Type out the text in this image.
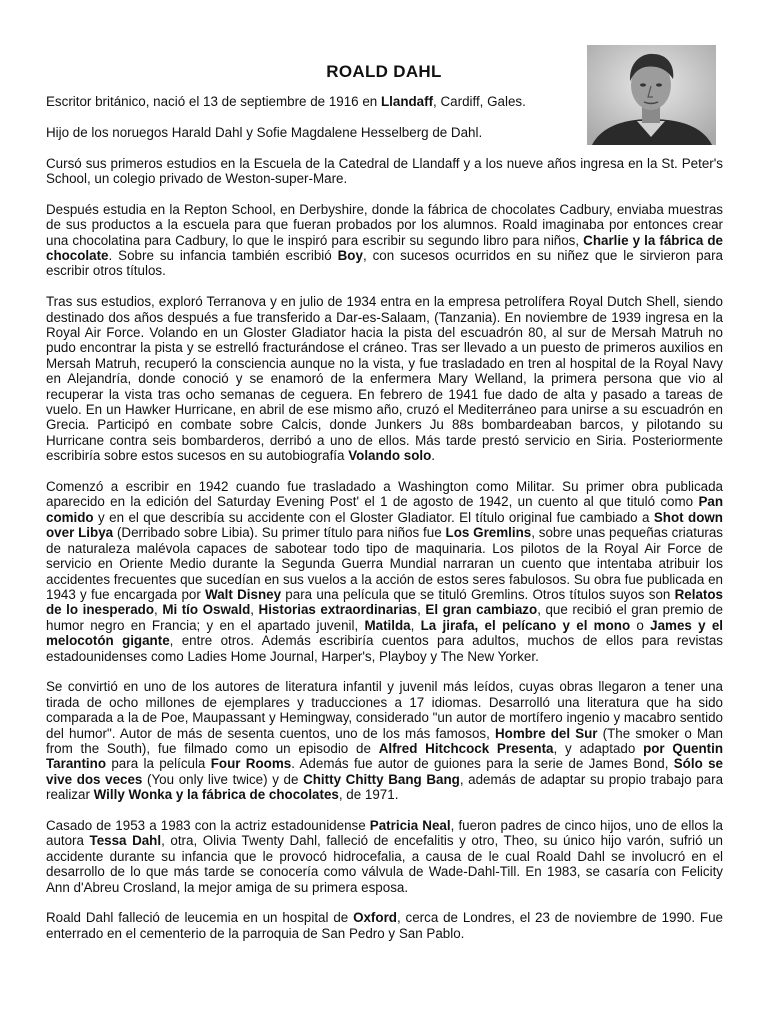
ROALD DAHL

Escritor británico, nació el 13 de septiembre de 1916 en Llandaff, Cardiff, Gales.

Hijo de los noruegos Harald Dahl y Sofie Magdalene Hesselberg de Dahl.

Cursó sus primeros estudios en la Escuela de la Catedral de Llandaff y a los nueve años ingresa en la St. Peter's School, un colegio privado de Weston-super-Mare.

Después estudia en la Repton School, en Derbyshire, donde la fábrica de chocolates Cadbury, enviaba muestras de sus productos a la escuela para que fueran probados por los alumnos. Roald imaginaba por entonces crear una chocolatina para Cadbury, lo que le inspiró para escribir su segundo libro para niños, Charlie y la fábrica de chocolate. Sobre su infancia también escribió Boy, con sucesos ocurridos en su niñez que le sirvieron para escribir otros títulos.

Tras sus estudios, exploró Terranova y en julio de 1934 entra en la empresa petrolífera Royal Dutch Shell, siendo destinado dos años después a fue transferido a Dar-es-Salaam, (Tanzania). En noviembre de 1939 ingresa en la Royal Air Force. Volando en un Gloster Gladiator hacia la pista del escuadrón 80, al sur de Mersah Matruh no pudo encontrar la pista y se estrelló fracturándose el cráneo. Tras ser llevado a un puesto de primeros auxilios en Mersah Matruh, recuperó la consciencia aunque no la vista, y fue trasladado en tren al hospital de la Royal Navy en Alejandría, donde conoció y se enamoró de la enfermera Mary Welland, la primera persona que vio al recuperar la vista tras ocho semanas de ceguera. En febrero de 1941 fue dado de alta y pasado a tareas de vuelo. En un Hawker Hurricane, en abril de ese mismo año, cruzó el Mediterráneo para unirse a su escuadrón en Grecia. Participó en combate sobre Calcis, donde Junkers Ju 88s bombardeaban barcos, y pilotando su Hurricane contra seis bombarderos, derribó a uno de ellos. Más tarde prestó servicio en Siria. Posteriormente escribiría sobre estos sucesos en su autobiografía Volando solo.

Comenzó a escribir en 1942 cuando fue trasladado a Washington como Militar. Su primer obra publicada aparecido en la edición del Saturday Evening Post' el 1 de agosto de 1942, un cuento al que tituló como Pan comido y en el que describía su accidente con el Gloster Gladiator. El título original fue cambiado a Shot down over Libya (Derribado sobre Libia). Su primer título para niños fue Los Gremlins, sobre unas pequeñas criaturas de naturaleza malévola capaces de sabotear todo tipo de maquinaria. Los pilotos de la Royal Air Force de servicio en Oriente Medio durante la Segunda Guerra Mundial narraran un cuento que intentaba atribuir los accidentes frecuentes que sucedían en sus vuelos a la acción de estos seres fabulosos. Su obra fue publicada en 1943 y fue encargada por Walt Disney para una película que se tituló Gremlins. Otros títulos suyos son Relatos de lo inesperado, Mi tío Oswald, Historias extraordinarias, El gran cambiazo, que recibió el gran premio de humor negro en Francia; y en el apartado juvenil, Matilda, La jirafa, el pelícano y el mono o James y el melocotón gigante, entre otros. Además escribiría cuentos para adultos, muchos de ellos para revistas estadounidenses como Ladies Home Journal, Harper's, Playboy y The New Yorker.

Se convirtió en uno de los autores de literatura infantil y juvenil más leídos, cuyas obras llegaron a tener una tirada de ocho millones de ejemplares y traducciones a 17 idiomas. Desarrolló una literatura que ha sido comparada a la de Poe, Maupassant y Hemingway, considerado "un autor de mortífero ingenio y macabro sentido del humor". Autor de más de sesenta cuentos, uno de los más famosos, Hombre del Sur (The smoker o Man from the South), fue filmado como un episodio de Alfred Hitchcock Presenta, y adaptado por Quentin Tarantino para la película Four Rooms. Además fue autor de guiones para la serie de James Bond, Sólo se vive dos veces (You only live twice) y de Chitty Chitty Bang Bang, además de adaptar su propio trabajo para realizar Willy Wonka y la fábrica de chocolates, de 1971.

Casado de 1953 a 1983 con la actriz estadounidense Patricia Neal, fueron padres de cinco hijos, uno de ellos la autora Tessa Dahl, otra, Olivia Twenty Dahl, falleció de encefalitis y otro, Theo, su único hijo varón, sufrió un accidente durante su infancia que le provocó hidrocefalia, a causa de le cual Roald Dahl se involucró en el desarrollo de lo que más tarde se conocería como válvula de Wade-Dahl-Till. En 1983, se casaría con Felicity Ann d'Abreu Crosland, la mejor amiga de su primera esposa.

Roald Dahl falleció de leucemia en un hospital de Oxford, cerca de Londres, el 23 de noviembre de 1990. Fue enterrado en el cementerio de la parroquia de San Pedro y San Pablo.
